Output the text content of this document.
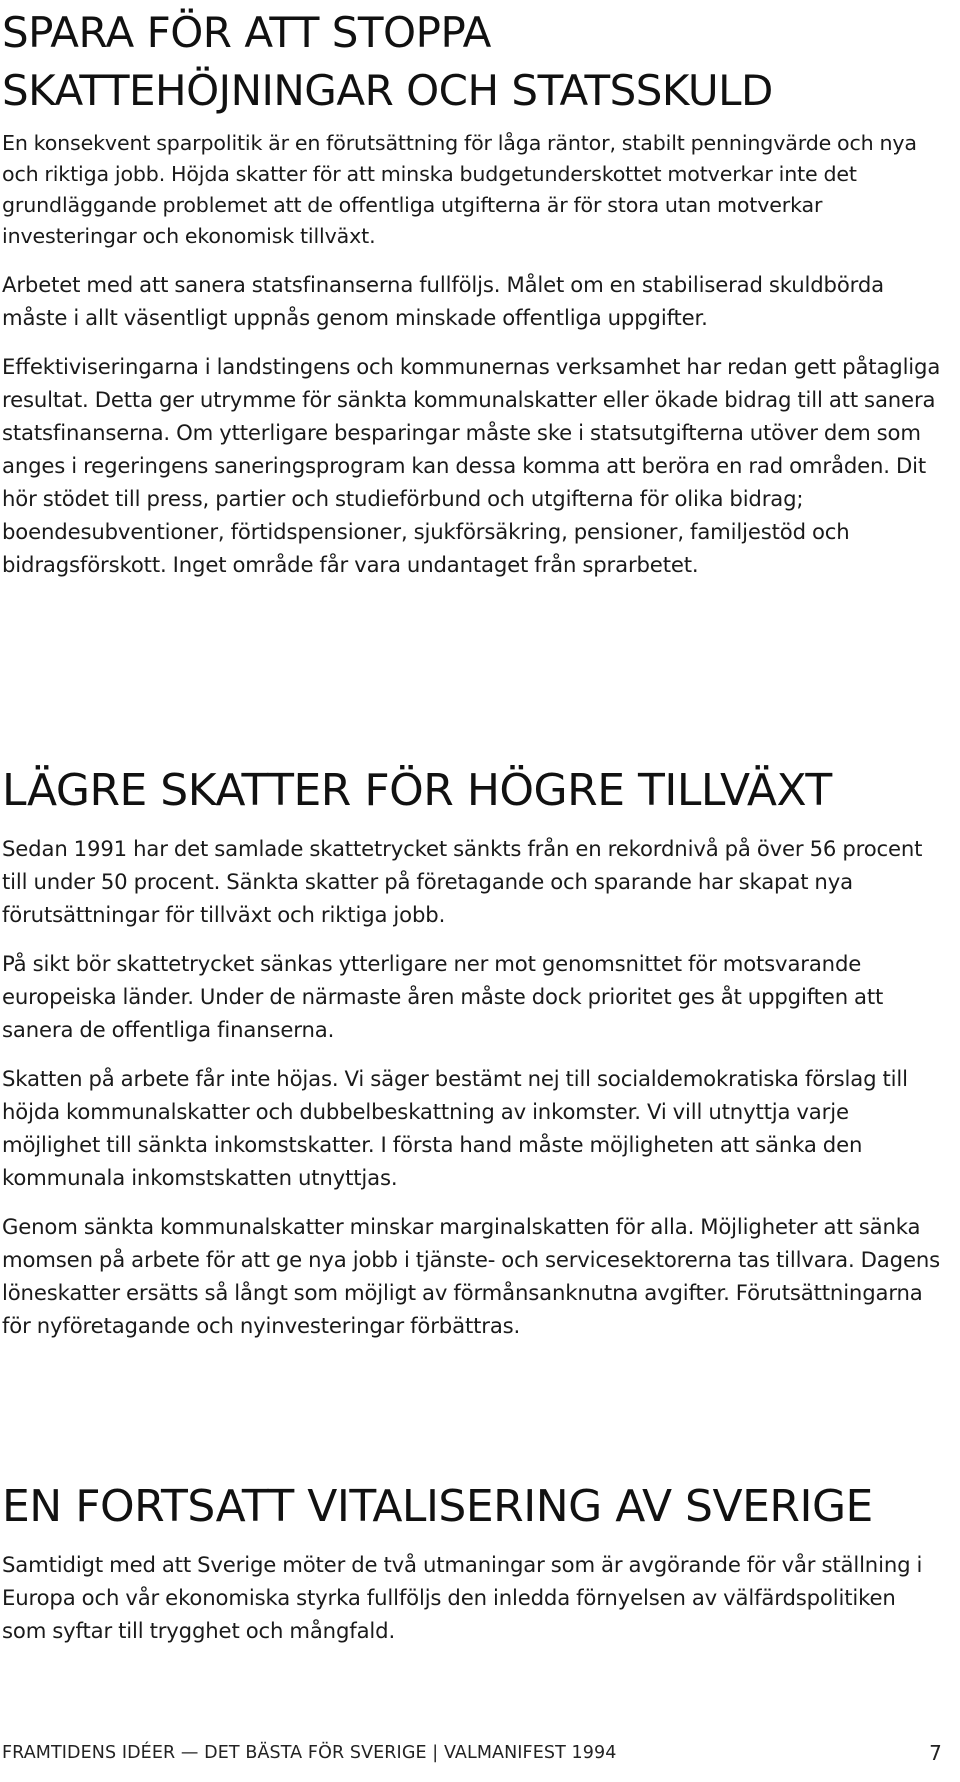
SPARA FÖR ATT STOPPA
SKATTEHÖJNINGAR OCH STATSSKULD

En konsekvent sparpolitik är en förutsättning för låga räntor, stabilt penningvärde och nya och riktiga jobb. Höjda skatter för att minska budgetunderskottet motverkar inte det grundläggande problemet att de offentliga utgifterna är för stora utan motverkar investeringar och ekonomisk tillväxt.

Arbetet med att sanera statsfinanserna fullföljs. Målet om en stabiliserad skuldbörda måste i allt väsentligt uppnås genom minskade offentliga uppgifter.

Effektiviseringarna i landstingens och kommunernas verksamhet har redan gett påtagliga resultat. Detta ger utrymme för sänkta kommunalskatter eller ökade bidrag till att sanera statsfinanserna. Om ytterligare besparingar måste ske i statsutgifterna utöver dem som anges i regeringens saneringsprogram kan dessa komma att beröra en rad områden. Dit hör stödet till press, partier och studieförbund och utgifterna för olika bidrag; boendesubventioner, förtidspensioner, sjukförsäkring, pensioner, familjestöd och bidragsförskott. Inget område får vara undantaget från sprarbetet.

LÄGRE SKATTER FÖR HÖGRE TILLVÄXT

Sedan 1991 har det samlade skattetrycket sänkts från en rekordnivå på över 56 procent till under 50 procent. Sänkta skatter på företagande och sparande har skapat nya förutsättningar för tillväxt och riktiga jobb.

På sikt bör skattetrycket sänkas ytterligare ner mot genomsnittet för motsvarande europeiska länder. Under de närmaste åren måste dock prioritet ges åt uppgiften att sanera de offentliga finanserna.

Skatten på arbete får inte höjas. Vi säger bestämt nej till socialdemokratiska förslag till höjda kommunalskatter och dubbelbeskattning av inkomster. Vi vill utnyttja varje möjlighet till sänkta inkomstskatter. I första hand måste möjligheten att sänka den kommunala inkomstskatten utnyttjas.

Genom sänkta kommunalskatter minskar marginalskatten för alla. Möjligheter att sänka momsen på arbete för att ge nya jobb i tjänste- och servicesektorerna tas tillvara. Dagens löneskatter ersätts så långt som möjligt av förmånsanknutna avgifter. Förutsättningarna för nyföretagande och nyinvesteringar förbättras.

EN FORTSATT VITALISERING AV SVERIGE

Samtidigt med att Sverige möter de två utmaningar som är avgörande för vår ställning i Europa och vår ekonomiska styrka fullföljs den inledda förnyelsen av välfärdspolitiken som syftar till trygghet och mångfald.

FRAMTIDENS IDÉER — DET BÄSTA FÖR SVERIGE | VALMANIFEST 1994	7
